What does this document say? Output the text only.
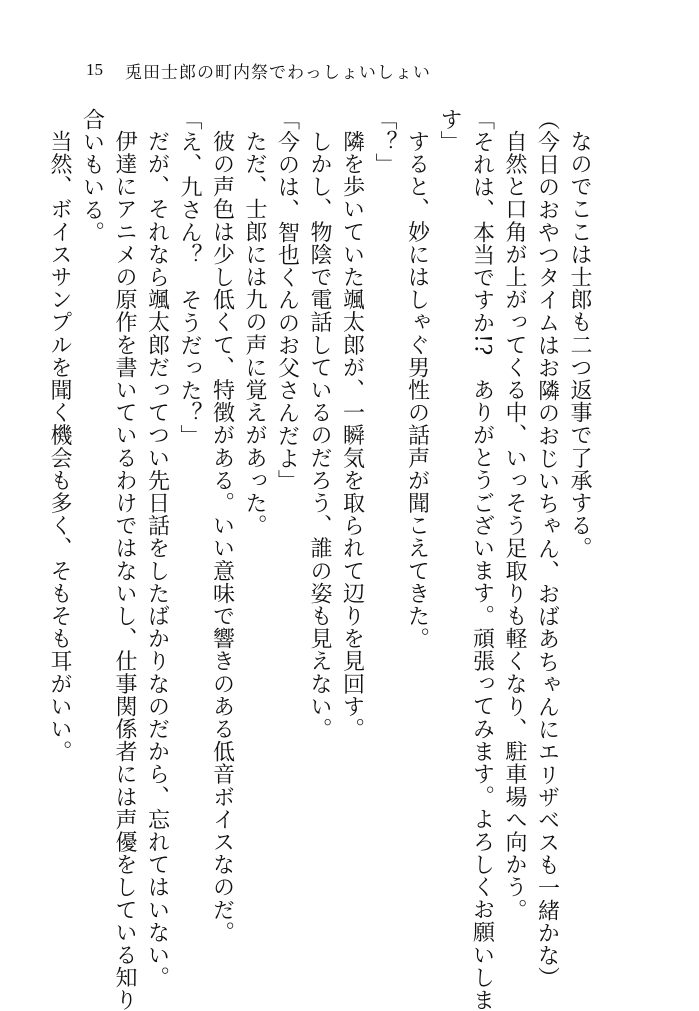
15 兎田士郎の町内祭でわっしょいしょい
なのでここは士郎も二つ返事で了承する。
（今日のおやつタイムはお隣のおじいちゃん、おばあちゃんにエリザベスも一緒かな）
自然と口角が上がってくる中、いっそう足取りも軽くなり、駐車場へ向かう。
「それは、本当ですか!?　ありがとうございます。頑張ってみます。よろしくお願いしま
す」
すると、妙にはしゃぐ男性の話声が聞こえてきた。
「？」
隣を歩いていた颯太郎が、一瞬気を取られて辺りを見回す。
しかし、物陰で電話しているのだろう、誰の姿も見えない。
「今のは、智也くんのお父さんだよ」
ただ、士郎には九の声に覚えがあった。
彼の声色は少し低くて、特徴がある。いい意味で響きのある低音ボイスなのだ。
「え、九さん？　そうだった？」
だが、それなら颯太郎だってつい先日話をしたばかりなのだから、忘れてはいない。
伊達にアニメの原作を書いているわけではないし、仕事関係者には声優をしている知り
合いもいる。
当然、ボイスサンプルを聞く機会も多く、そもそも耳がいい。
